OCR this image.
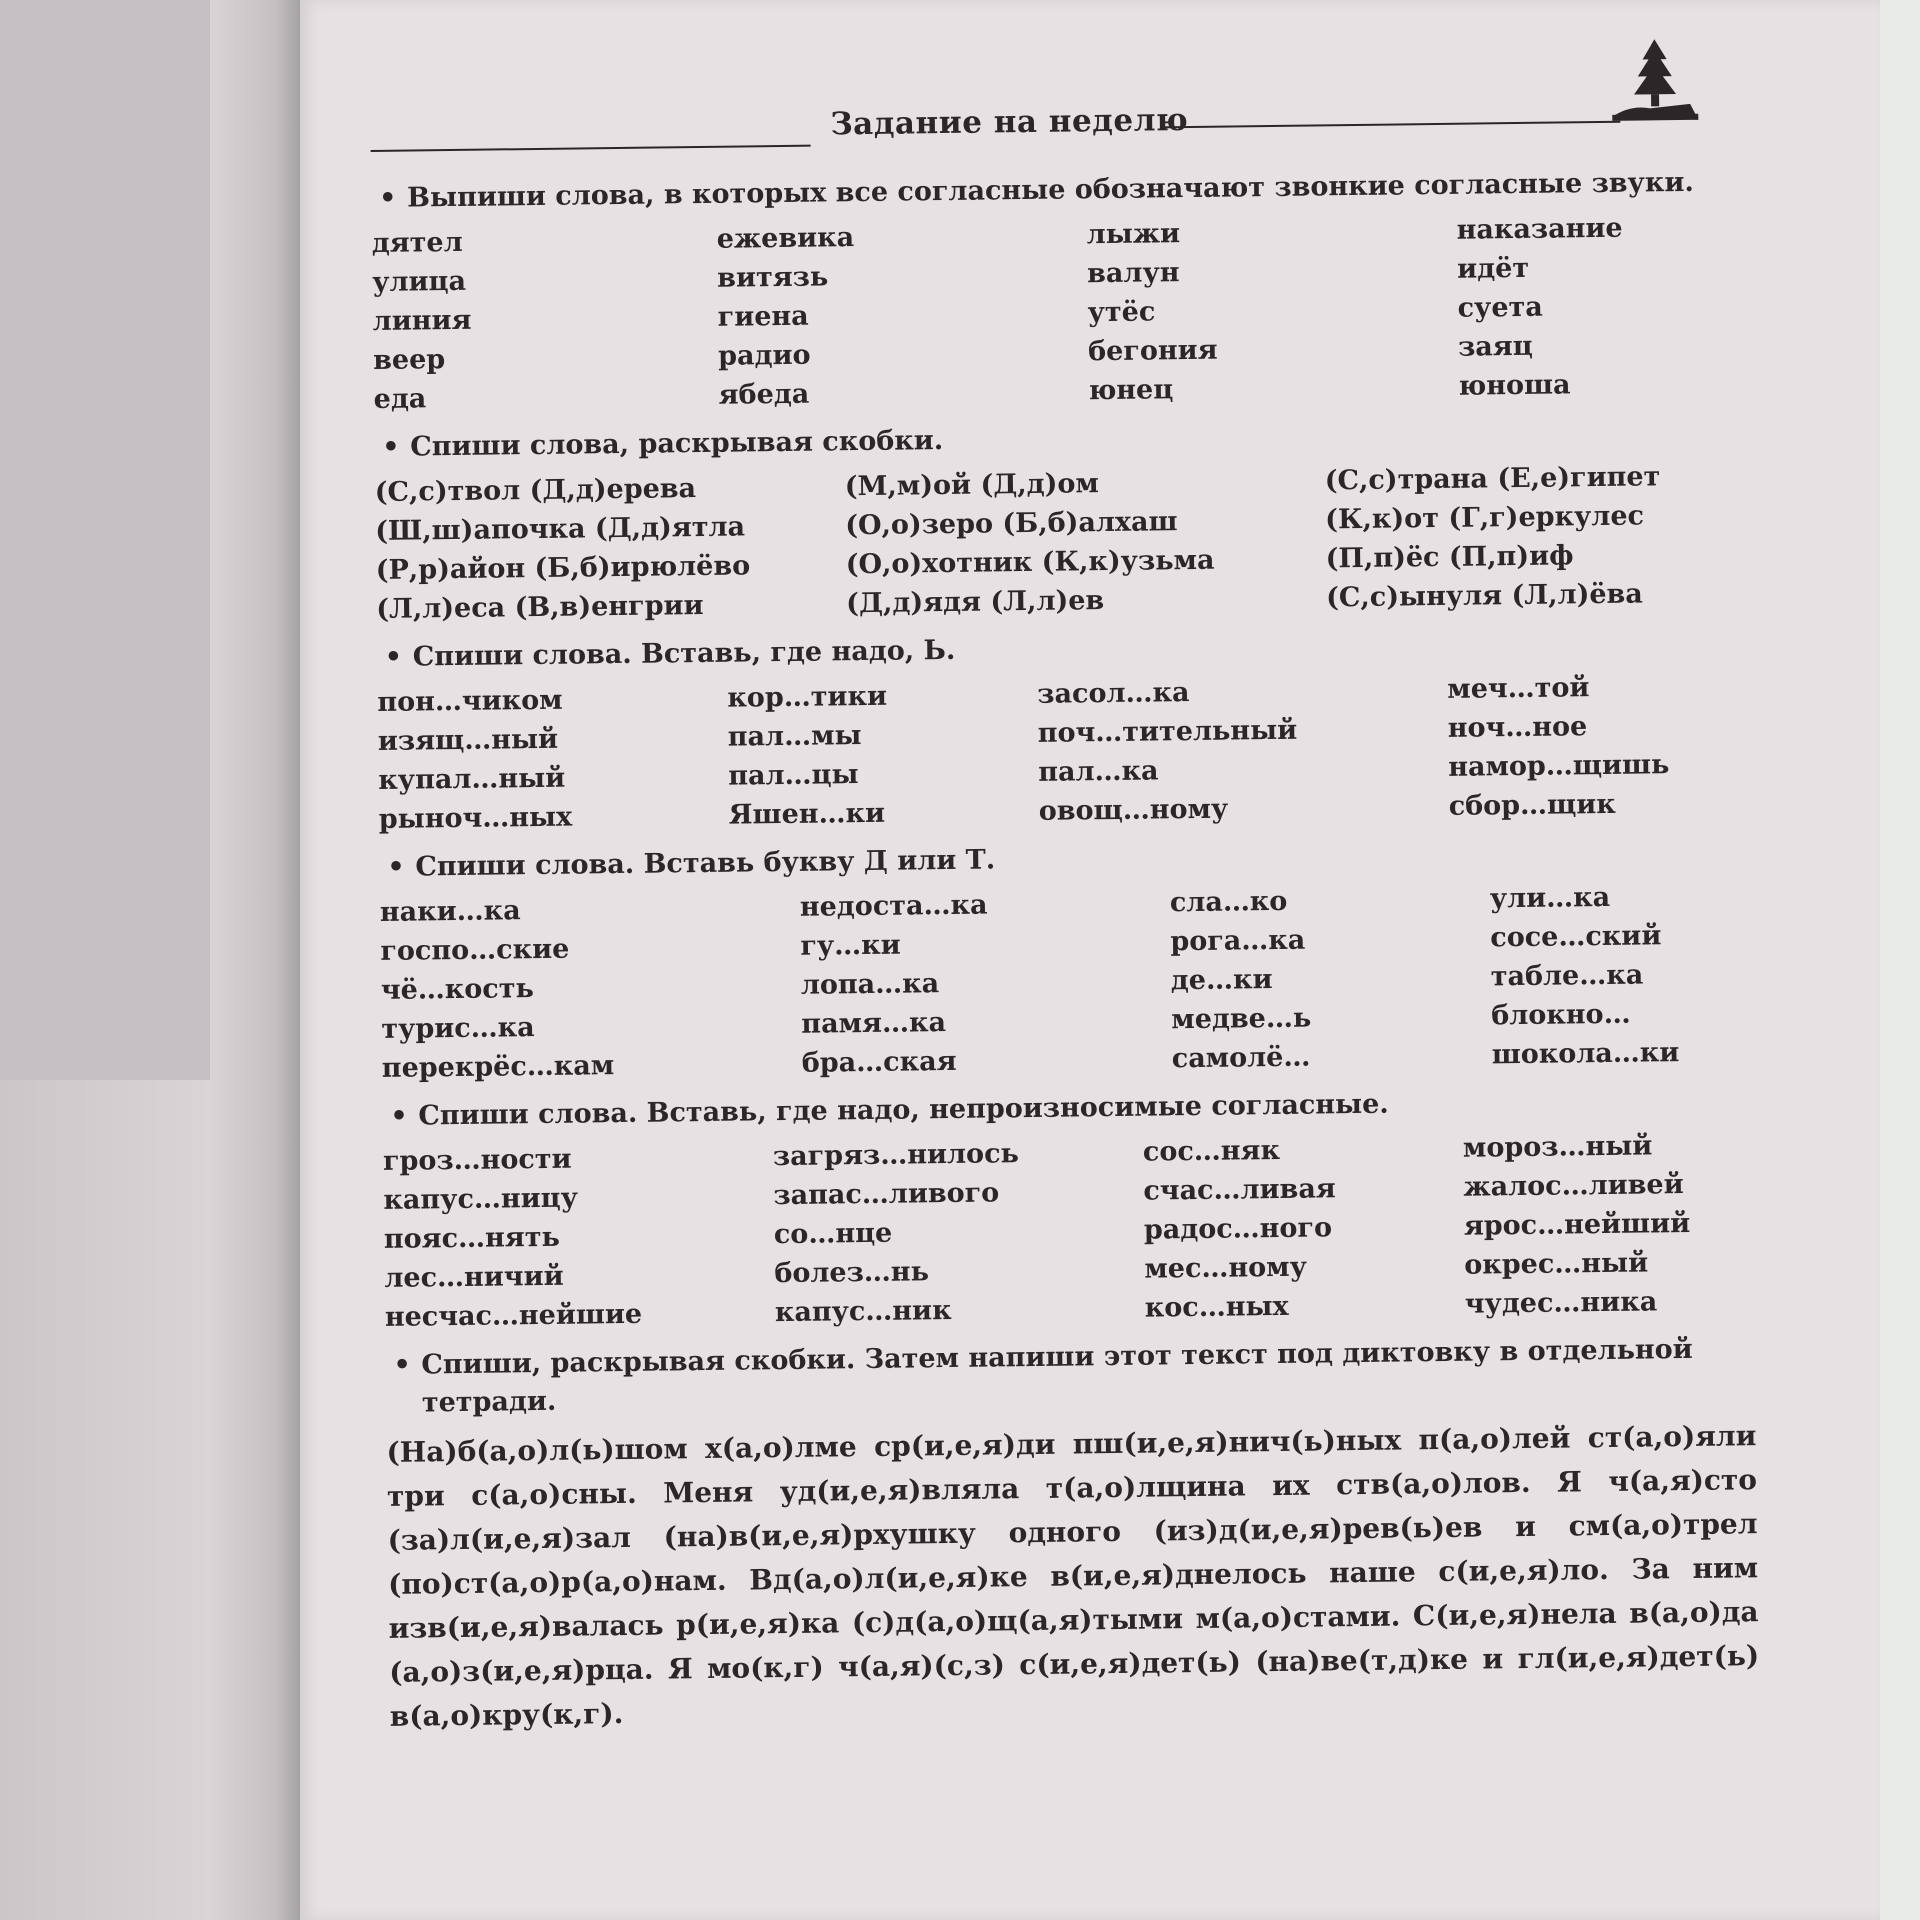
Задание на неделю
• Выпиши слова, в которых все согласные обозначают звонкие согласные звуки.
дятел
улица
линия
веер
еда
ежевика
витязь
гиена
радио
ябеда
лыжи
валун
утёс
бегония
юнец
наказание
идёт
суета
заяц
юноша
• Спиши слова, раскрывая скобки.
(С,с)твол (Д,д)ерева
(Ш,ш)апочка (Д,д)ятла
(Р,р)айон (Б,б)ирюлёво
(Л,л)еса (В,в)енгрии
(М,м)ой (Д,д)ом
(О,о)зеро (Б,б)алхаш
(О,о)хотник (К,к)узьма
(Д,д)ядя (Л,л)ев
(С,с)трана (Е,е)гипет
(К,к)от (Г,г)еркулес
(П,п)ёс (П,п)иф
(С,с)ынуля (Л,л)ёва
• Спиши слова. Вставь, где надо, Ь.
пон…чиком
изящ…ный
купал…ный
рыноч…ных
кор…тики
пал…мы
пал…цы
Яшен…ки
засол…ка
поч…тительный
пал…ка
овощ…ному
меч…той
ноч…ное
намор…щишь
сбор…щик
• Спиши слова. Вставь букву Д или Т.
наки…ка
госпо…ские
чё…кость
турис…ка
перекрёс…кам
недоста…ка
гу…ки
лопа…ка
памя…ка
бра…ская
сла…ко
рога…ка
де…ки
медве…ь
самолё…
ули…ка
сосе…ский
табле…ка
блокно…
шокола…ки
• Спиши слова. Вставь, где надо, непроизносимые согласные.
гроз…ности
капус…ницу
пояс…нять
лес…ничий
несчас…нейшие
загряз…нилось
запас…ливого
со…нце
болез…нь
капус…ник
сос…няк
счас…ливая
радос…ного
мес…ному
кос…ных
мороз…ный
жалос…ливей
ярос…нейший
окрес…ный
чудес…ника
• Спиши, раскрывая скобки. Затем напиши этот текст под диктовку в отдельной
тетради.
(На)б(а,о)л(ь)шом х(а,о)лме ср(и,е,я)ди пш(и,е,я)нич(ь)ных п(а,о)лей ст(а,о)яли три с(а,о)сны. Меня уд(и,е,я)вляла т(а,о)лщина их ств(а,о)лов. Я ч(а,я)сто (за)л(и,е,я)зал (на)в(и,е,я)рхушку одного (из)д(и,е,я)рев(ь)ев и см(а,о)трел (по)ст(а,о)р(а,о)нам. Вд(а,о)л(и,е,я)ке в(и,е,я)днелось наше с(и,е,я)ло. За ним изв(и,е,я)валась р(и,е,я)ка (с)д(а,о)щ(а,я)тыми м(а,о)стами. С(и,е,я)нела в(а,о)да (а,о)з(и,е,я)рца. Я мо(к,г) ч(а,я)(с,з) с(и,е,я)дет(ь) (на)ве(т,д)ке и гл(и,е,я)дет(ь) в(а,о)кру(к,г).
